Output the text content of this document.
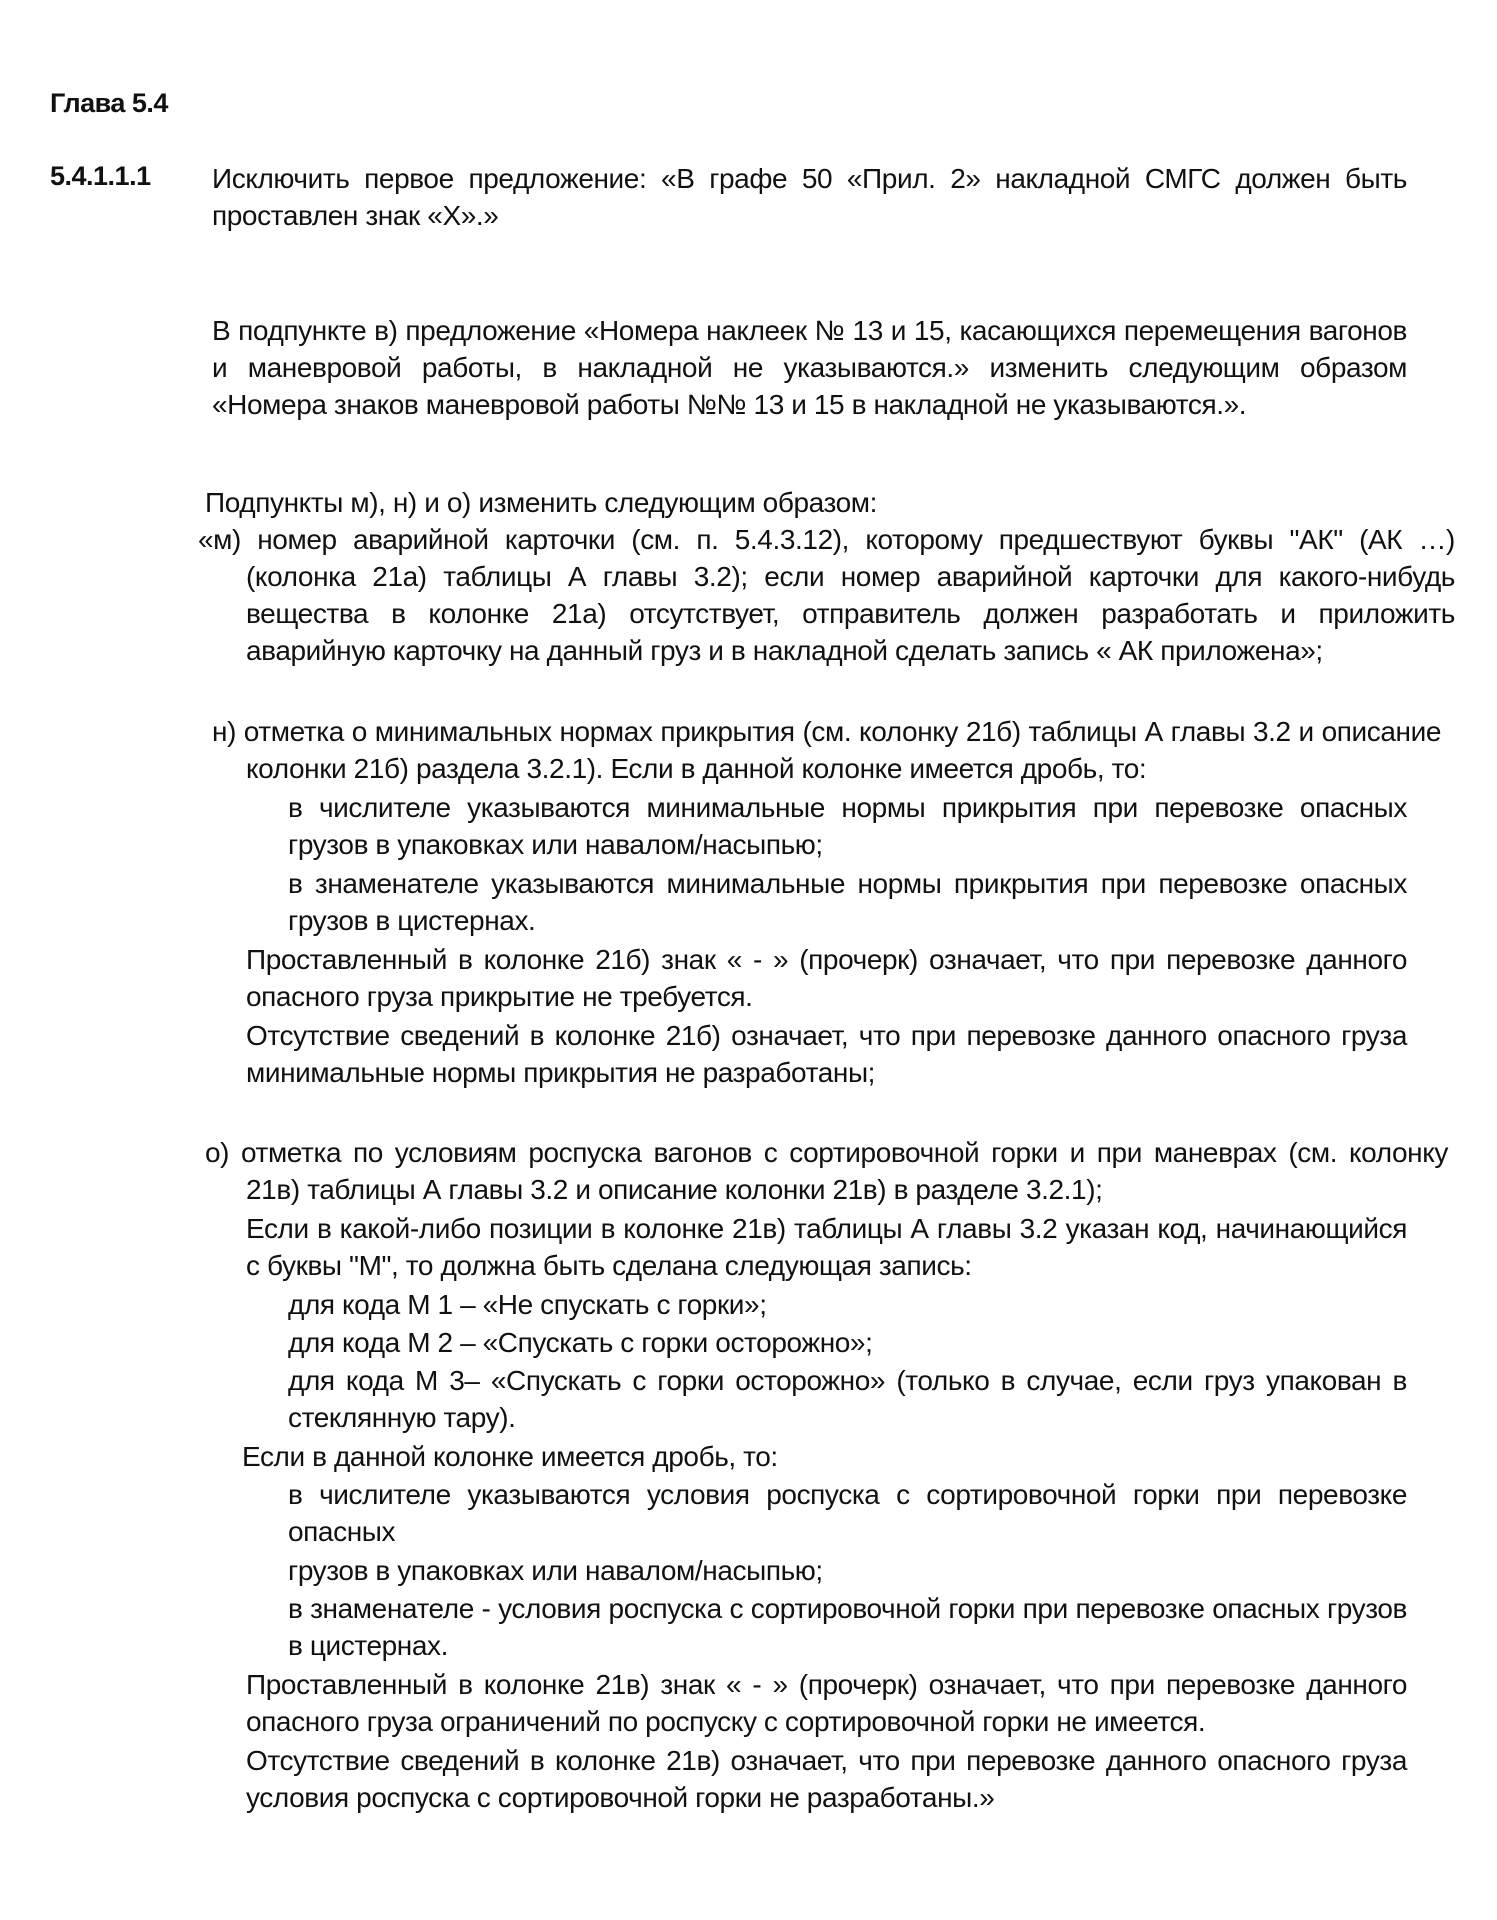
Глава 5.4
5.4.1.1.1 Исключить первое предложение: «В графе 50 «Прил. 2» накладной СМГС должен быть проставлен знак «Х».»
В подпункте в) предложение «Номера наклеек № 13 и 15, касающихся перемещения вагонов и маневровой работы, в накладной не указываются.» изменить следующим образом «Номера знаков маневровой работы №№ 13 и 15 в накладной не указываются.».
Подпункты м), н) и о) изменить следующим образом:
«м) номер аварийной карточки (см. п. 5.4.3.12), которому предшествуют буквы "АК" (АК …) (колонка 21а) таблицы А главы 3.2); если номер аварийной карточки для какого-нибудь вещества в колонке 21а) отсутствует, отправитель должен разработать и приложить аварийную карточку на данный груз и в накладной сделать запись « АК приложена»;
н) отметка о минимальных нормах прикрытия (см. колонку 21б) таблицы А главы 3.2 и описание колонки 21б) раздела 3.2.1). Если в данной колонке имеется дробь, то:
в числителе указываются минимальные нормы прикрытия при перевозке опасных грузов в упаковках или навалом/насыпью;
в знаменателе указываются минимальные нормы прикрытия при перевозке опасных грузов в цистернах.
Проставленный в колонке 21б) знак « - » (прочерк) означает, что при перевозке данного опасного груза прикрытие не требуется.
Отсутствие сведений в колонке 21б) означает, что при перевозке данного опасного груза минимальные нормы прикрытия не разработаны;
о) отметка по условиям роспуска вагонов с сортировочной горки и при маневрах (см. колонку 21в) таблицы А главы 3.2 и описание колонки 21в) в разделе 3.2.1);
Если в какой-либо позиции в колонке 21в) таблицы А главы 3.2 указан код, начинающийся с буквы "М", то должна быть сделана следующая запись:
для кода М 1 – «Не спускать с горки»;
для кода М 2 – «Спускать с горки осторожно»;
для кода М 3– «Спускать с горки осторожно» (только в случае, если груз упакован в стеклянную тару).
Если в данной колонке имеется дробь, то:
в числителе указываются условия роспуска с сортировочной горки при перевозке опасных
грузов в упаковках или навалом/насыпью;
в знаменателе - условия роспуска с сортировочной горки при перевозке опасных грузов в цистернах.
Проставленный в колонке 21в) знак « - » (прочерк) означает, что при перевозке данного опасного груза ограничений по роспуску с сортировочной горки не имеется.
Отсутствие сведений в колонке 21в) означает, что при перевозке данного опасного груза условия роспуска с сортировочной горки не разработаны.»
